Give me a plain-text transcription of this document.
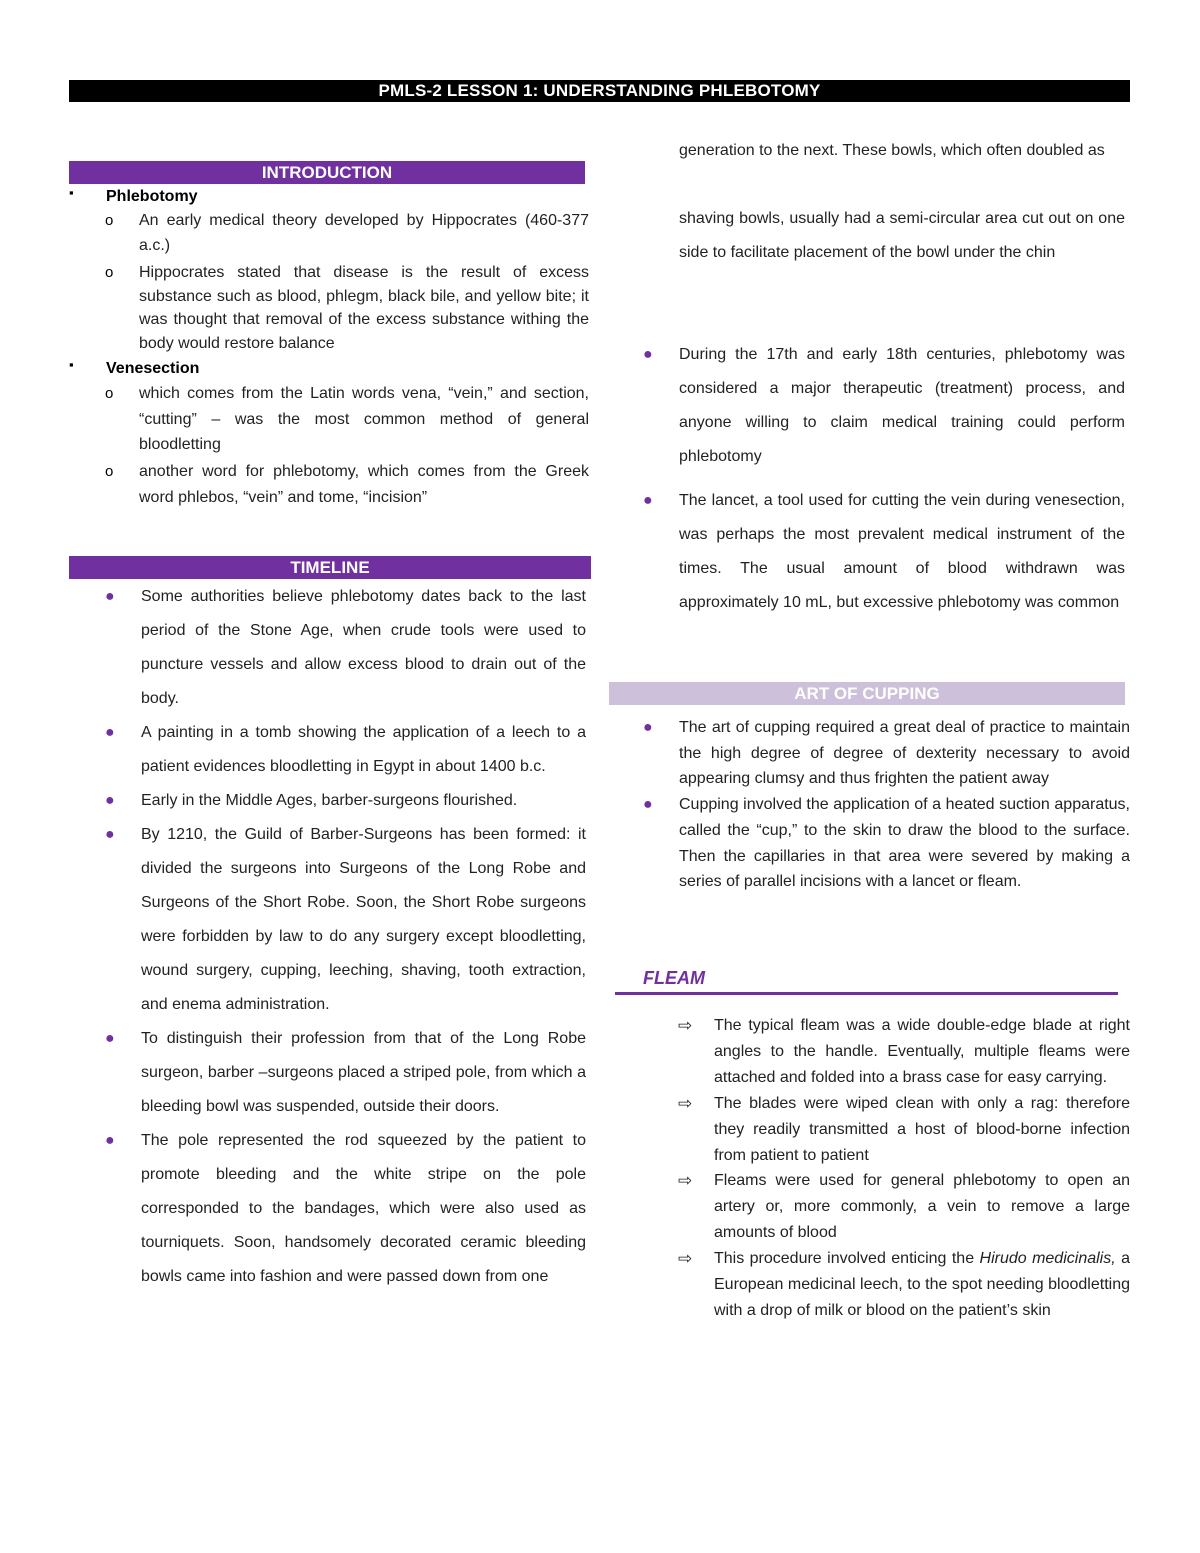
PMLS-2 LESSON 1: UNDERSTANDING PHLEBOTOMY
INTRODUCTION
▪ Phlebotomy
o An early medical theory developed by Hippocrates (460-377 a.c.)
o Hippocrates stated that disease is the result of excess substance such as blood, phlegm, black bile, and yellow bite; it was thought that removal of the excess substance withing the body would restore balance
▪ Venesection
o which comes from the Latin words vena, “vein,” and section, “cutting” – was the most common method of general bloodletting
o another word for phlebotomy, which comes from the Greek word phlebos, “vein” and tome, “incision”
TIMELINE
● Some authorities believe phlebotomy dates back to the last period of the Stone Age, when crude tools were used to puncture vessels and allow excess blood to drain out of the body.
● A painting in a tomb showing the application of a leech to a patient evidences bloodletting in Egypt in about 1400 b.c.
● Early in the Middle Ages, barber-surgeons flourished.
● By 1210, the Guild of Barber-Surgeons has been formed: it divided the surgeons into Surgeons of the Long Robe and Surgeons of the Short Robe. Soon, the Short Robe surgeons were forbidden by law to do any surgery except bloodletting, wound surgery, cupping, leeching, shaving, tooth extraction, and enema administration.
● To distinguish their profession from that of the Long Robe surgeon, barber –surgeons placed a striped pole, from which a bleeding bowl was suspended, outside their doors.
● The pole represented the rod squeezed by the patient to promote bleeding and the white stripe on the pole corresponded to the bandages, which were also used as tourniquets. Soon, handsomely decorated ceramic bleeding bowls came into fashion and were passed down from one
generation to the next. These bowls, which often doubled as
shaving bowls, usually had a semi-circular area cut out on one side to facilitate placement of the bowl under the chin
● During the 17th and early 18th centuries, phlebotomy was considered a major therapeutic (treatment) process, and anyone willing to claim medical training could perform phlebotomy
● The lancet, a tool used for cutting the vein during venesection, was perhaps the most prevalent medical instrument of the times. The usual amount of blood withdrawn was approximately 10 mL, but excessive phlebotomy was common
ART OF CUPPING
● The art of cupping required a great deal of practice to maintain the high degree of degree of dexterity necessary to avoid appearing clumsy and thus frighten the patient away
● Cupping involved the application of a heated suction apparatus, called the “cup,” to the skin to draw the blood to the surface. Then the capillaries in that area were severed by making a series of parallel incisions with a lancet or fleam.
FLEAM
⇨ The typical fleam was a wide double-edge blade at right angles to the handle. Eventually, multiple fleams were attached and folded into a brass case for easy carrying.
⇨ The blades were wiped clean with only a rag: therefore they readily transmitted a host of blood-borne infection from patient to patient
⇨ Fleams were used for general phlebotomy to open an artery or, more commonly, a vein to remove a large amounts of blood
⇨ This procedure involved enticing the Hirudo medicinalis, a European medicinal leech, to the spot needing bloodletting with a drop of milk or blood on the patient’s skin
